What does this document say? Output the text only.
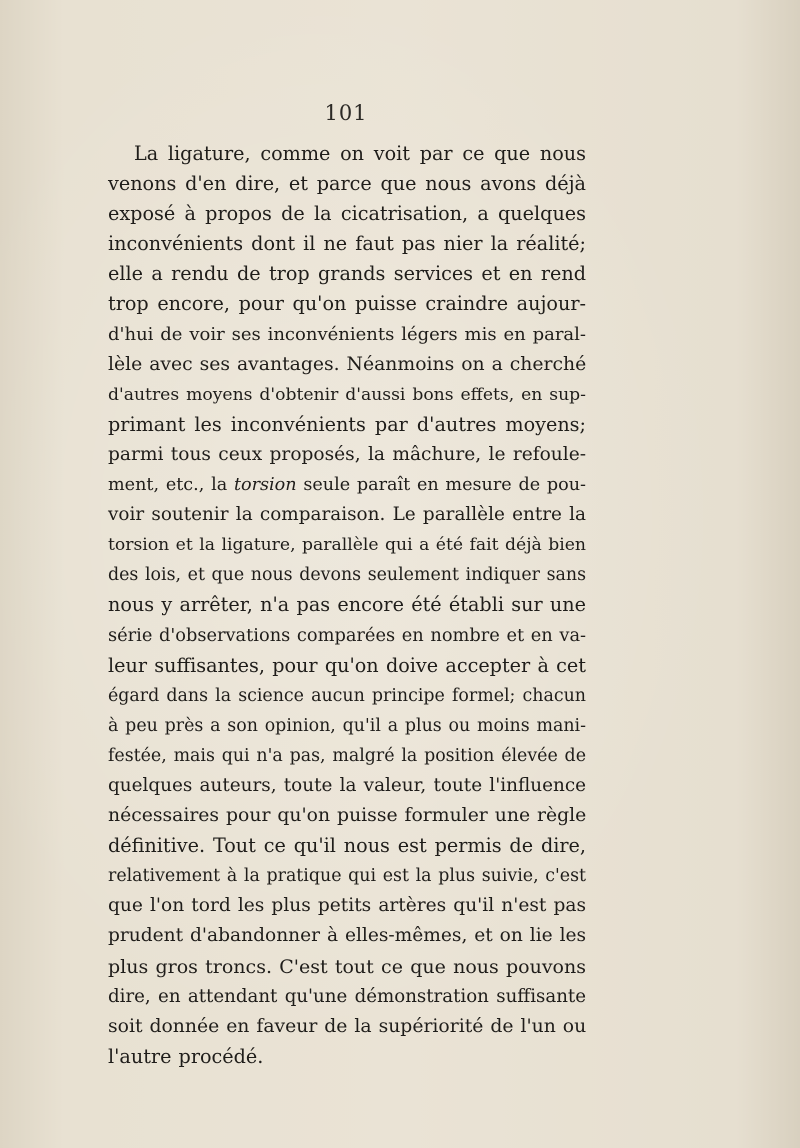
101
La ligature, comme on voit par ce que nous
venons d'en dire, et parce que nous avons déjà
exposé à propos de la cicatrisation, a quelques
inconvénients dont il ne faut pas nier la réalité;
elle a rendu de trop grands services et en rend
trop encore, pour qu'on puisse craindre aujour-
d'hui de voir ses inconvénients légers mis en paral-
lèle avec ses avantages. Néanmoins on a cherché
d'autres moyens d'obtenir d'aussi bons effets, en sup-
primant les inconvénients par d'autres moyens;
parmi tous ceux proposés, la mâchure, le refoule-
ment, etc., la torsion seule paraît en mesure de pou-
voir soutenir la comparaison. Le parallèle entre la
torsion et la ligature, parallèle qui a été fait déjà bien
des lois, et que nous devons seulement indiquer sans
nous y arrêter, n'a pas encore été établi sur une
série d'observations comparées en nombre et en va-
leur suffisantes, pour qu'on doive accepter à cet
égard dans la science aucun principe formel; chacun
à peu près a son opinion, qu'il a plus ou moins mani-
festée, mais qui n'a pas, malgré la position élevée de
quelques auteurs, toute la valeur, toute l'influence
nécessaires pour qu'on puisse formuler une règle
définitive. Tout ce qu'il nous est permis de dire,
relativement à la pratique qui est la plus suivie, c'est
que l'on tord les plus petits artères qu'il n'est pas
prudent d'abandonner à elles-mêmes, et on lie les
plus gros troncs. C'est tout ce que nous pouvons
dire, en attendant qu'une démonstration suffisante
soit donnée en faveur de la supériorité de l'un ou
l'autre procédé.
